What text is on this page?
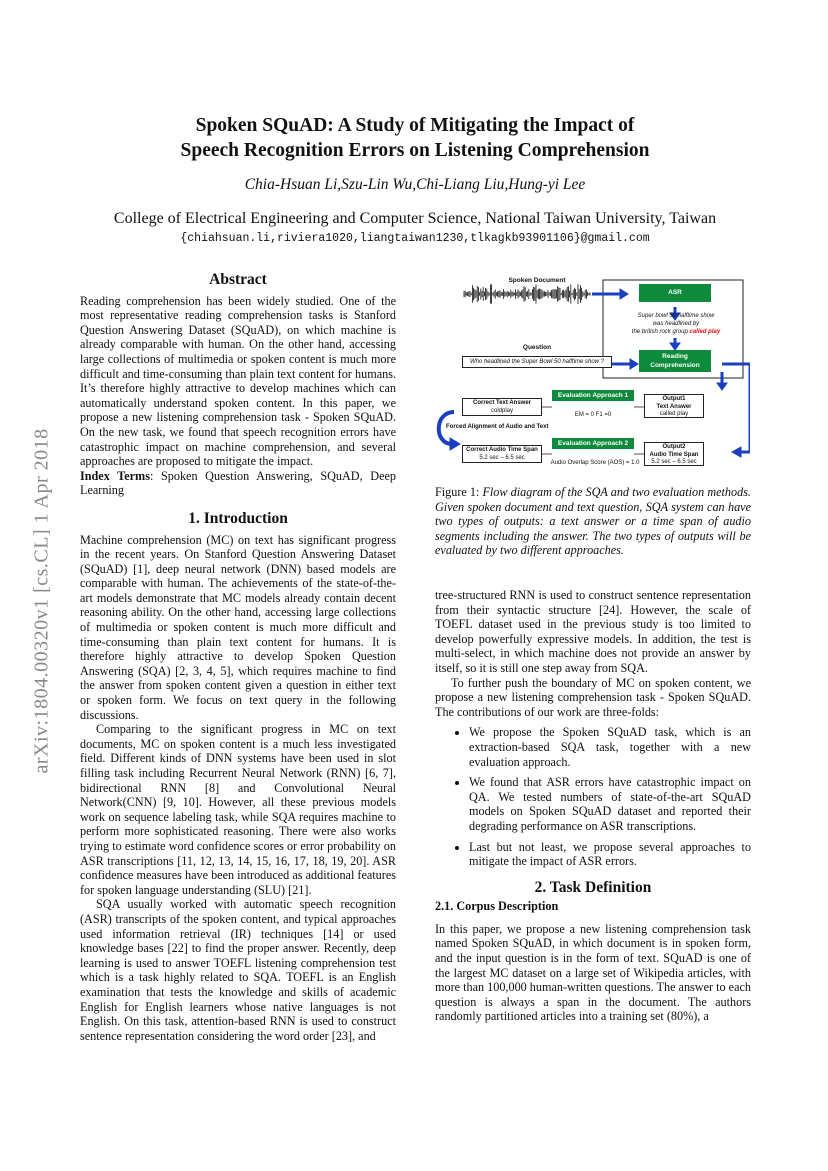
arXiv:1804.00320v1 [cs.CL] 1 Apr 2018
Spoken SQuAD: A Study of Mitigating the Impact of
Speech Recognition Errors on Listening Comprehension
Chia-Hsuan Li,Szu-Lin Wu,Chi-Liang Liu,Hung-yi Lee
College of Electrical Engineering and Computer Science, National Taiwan University, Taiwan
{chiahsuan.li,riviera1020,liangtaiwan1230,tlkagkb93901106}@gmail.com
Abstract

Reading comprehension has been widely studied. One of the most representative reading comprehension tasks is Stanford Question Answering Dataset (SQuAD), on which machine is already comparable with human. On the other hand, accessing large collections of multimedia or spoken content is much more difficult and time-consuming than plain text content for humans. It’s therefore highly attractive to develop machines which can automatically understand spoken content. In this paper, we propose a new listening comprehension task - Spoken SQuAD. On the new task, we found that speech recognition errors have catastrophic impact on machine comprehension, and several approaches are proposed to mitigate the impact.

Index Terms: Spoken Question Answering, SQuAD, Deep Learning

1. Introduction

Machine comprehension (MC) on text has significant progress in the recent years. On Stanford Question Answering Dataset (SQuAD) [1], deep neural network (DNN) based models are comparable with human. The achievements of the state-of-the-art models demonstrate that MC models already contain decent reasoning ability. On the other hand, accessing large collections of multimedia or spoken content is much more difficult and time-consuming than plain text content for humans. It is therefore highly attractive to develop Spoken Question Answering (SQA) [2, 3, 4, 5], which requires machine to find the answer from spoken content given a question in either text or spoken form. We focus on text query in the following discussions.

Comparing to the significant progress in MC on text documents, MC on spoken content is a much less investigated field. Different kinds of DNN systems have been used in slot filling task including Recurrent Neural Network (RNN) [6, 7], bidirectional RNN [8] and Convolutional Neural Network(CNN) [9, 10]. However, all these previous models work on sequence labeling task, while SQA requires machine to perform more sophisticated reasoning. There were also works trying to estimate word confidence scores or error probability on ASR transcriptions [11, 12, 13, 14, 15, 16, 17, 18, 19, 20]. ASR confidence measures have been introduced as additional features for spoken language understanding (SLU) [21].

SQA usually worked with automatic speech recognition (ASR) transcripts of the spoken content, and typical approaches used information retrieval (IR) techniques [14] or used knowledge bases [22] to find the proper answer. Recently, deep learning is used to answer TOEFL listening comprehension test which is a task highly related to SQA. TOEFL is an English examination that tests the knowledge and skills of academic English for English learners whose native languages is not English. On this task, attention-based RNN is used to construct sentence representation considering the word order [23], and

Spoken Document
ASR
Super bowl 50 halftime show
was headlined by
the british rock group called play
Question
Who headlined the Super Bowl 50 halftime show ?
Reading
Comprehension
Correct Text Answer
coldplay
Evaluation Approach 1
EM = 0 F1 =0
Output1
Text Answer
called play
Forced Alignment of Audio and Text
Correct Audio Time Span
5.2 sec – 6.5 sec
Evaluation Approach 2
Audio Overlap Score (AOS) = 1.0
Output2
Audio Time Span
5.2 sec – 6.5 sec
Figure 1: Flow diagram of the SQA and two evaluation methods. Given spoken document and text question, SQA system can have two types of outputs: a text answer or a time span of audio segments including the answer. The two types of outputs will be evaluated by two different approaches.

tree-structured RNN is used to construct sentence representation from their syntactic structure [24]. However, the scale of TOEFL dataset used in the previous study is too limited to develop powerfully expressive models. In addition, the test is multi-select, in which machine does not provide an answer by itself, so it is still one step away from SQA.

To further push the boundary of MC on spoken content, we propose a new listening comprehension task - Spoken SQuAD. The contributions of our work are three-folds:

• We propose the Spoken SQuAD task, which is an extraction-based SQA task, together with a new evaluation approach.
• We found that ASR errors have catastrophic impact on QA. We tested numbers of state-of-the-art SQuAD models on Spoken SQuAD dataset and reported their degrading performance on ASR transcriptions.
• Last but not least, we propose several approaches to mitigate the impact of ASR errors.
2. Task Definition
2.1. Corpus Description

In this paper, we propose a new listening comprehension task named Spoken SQuAD, in which document is in spoken form, and the input question is in the form of text. SQuAD is one of the largest MC dataset on a large set of Wikipedia articles, with more than 100,000 human-written questions. The answer to each question is always a span in the document. The authors randomly partitioned articles into a training set (80%), a
